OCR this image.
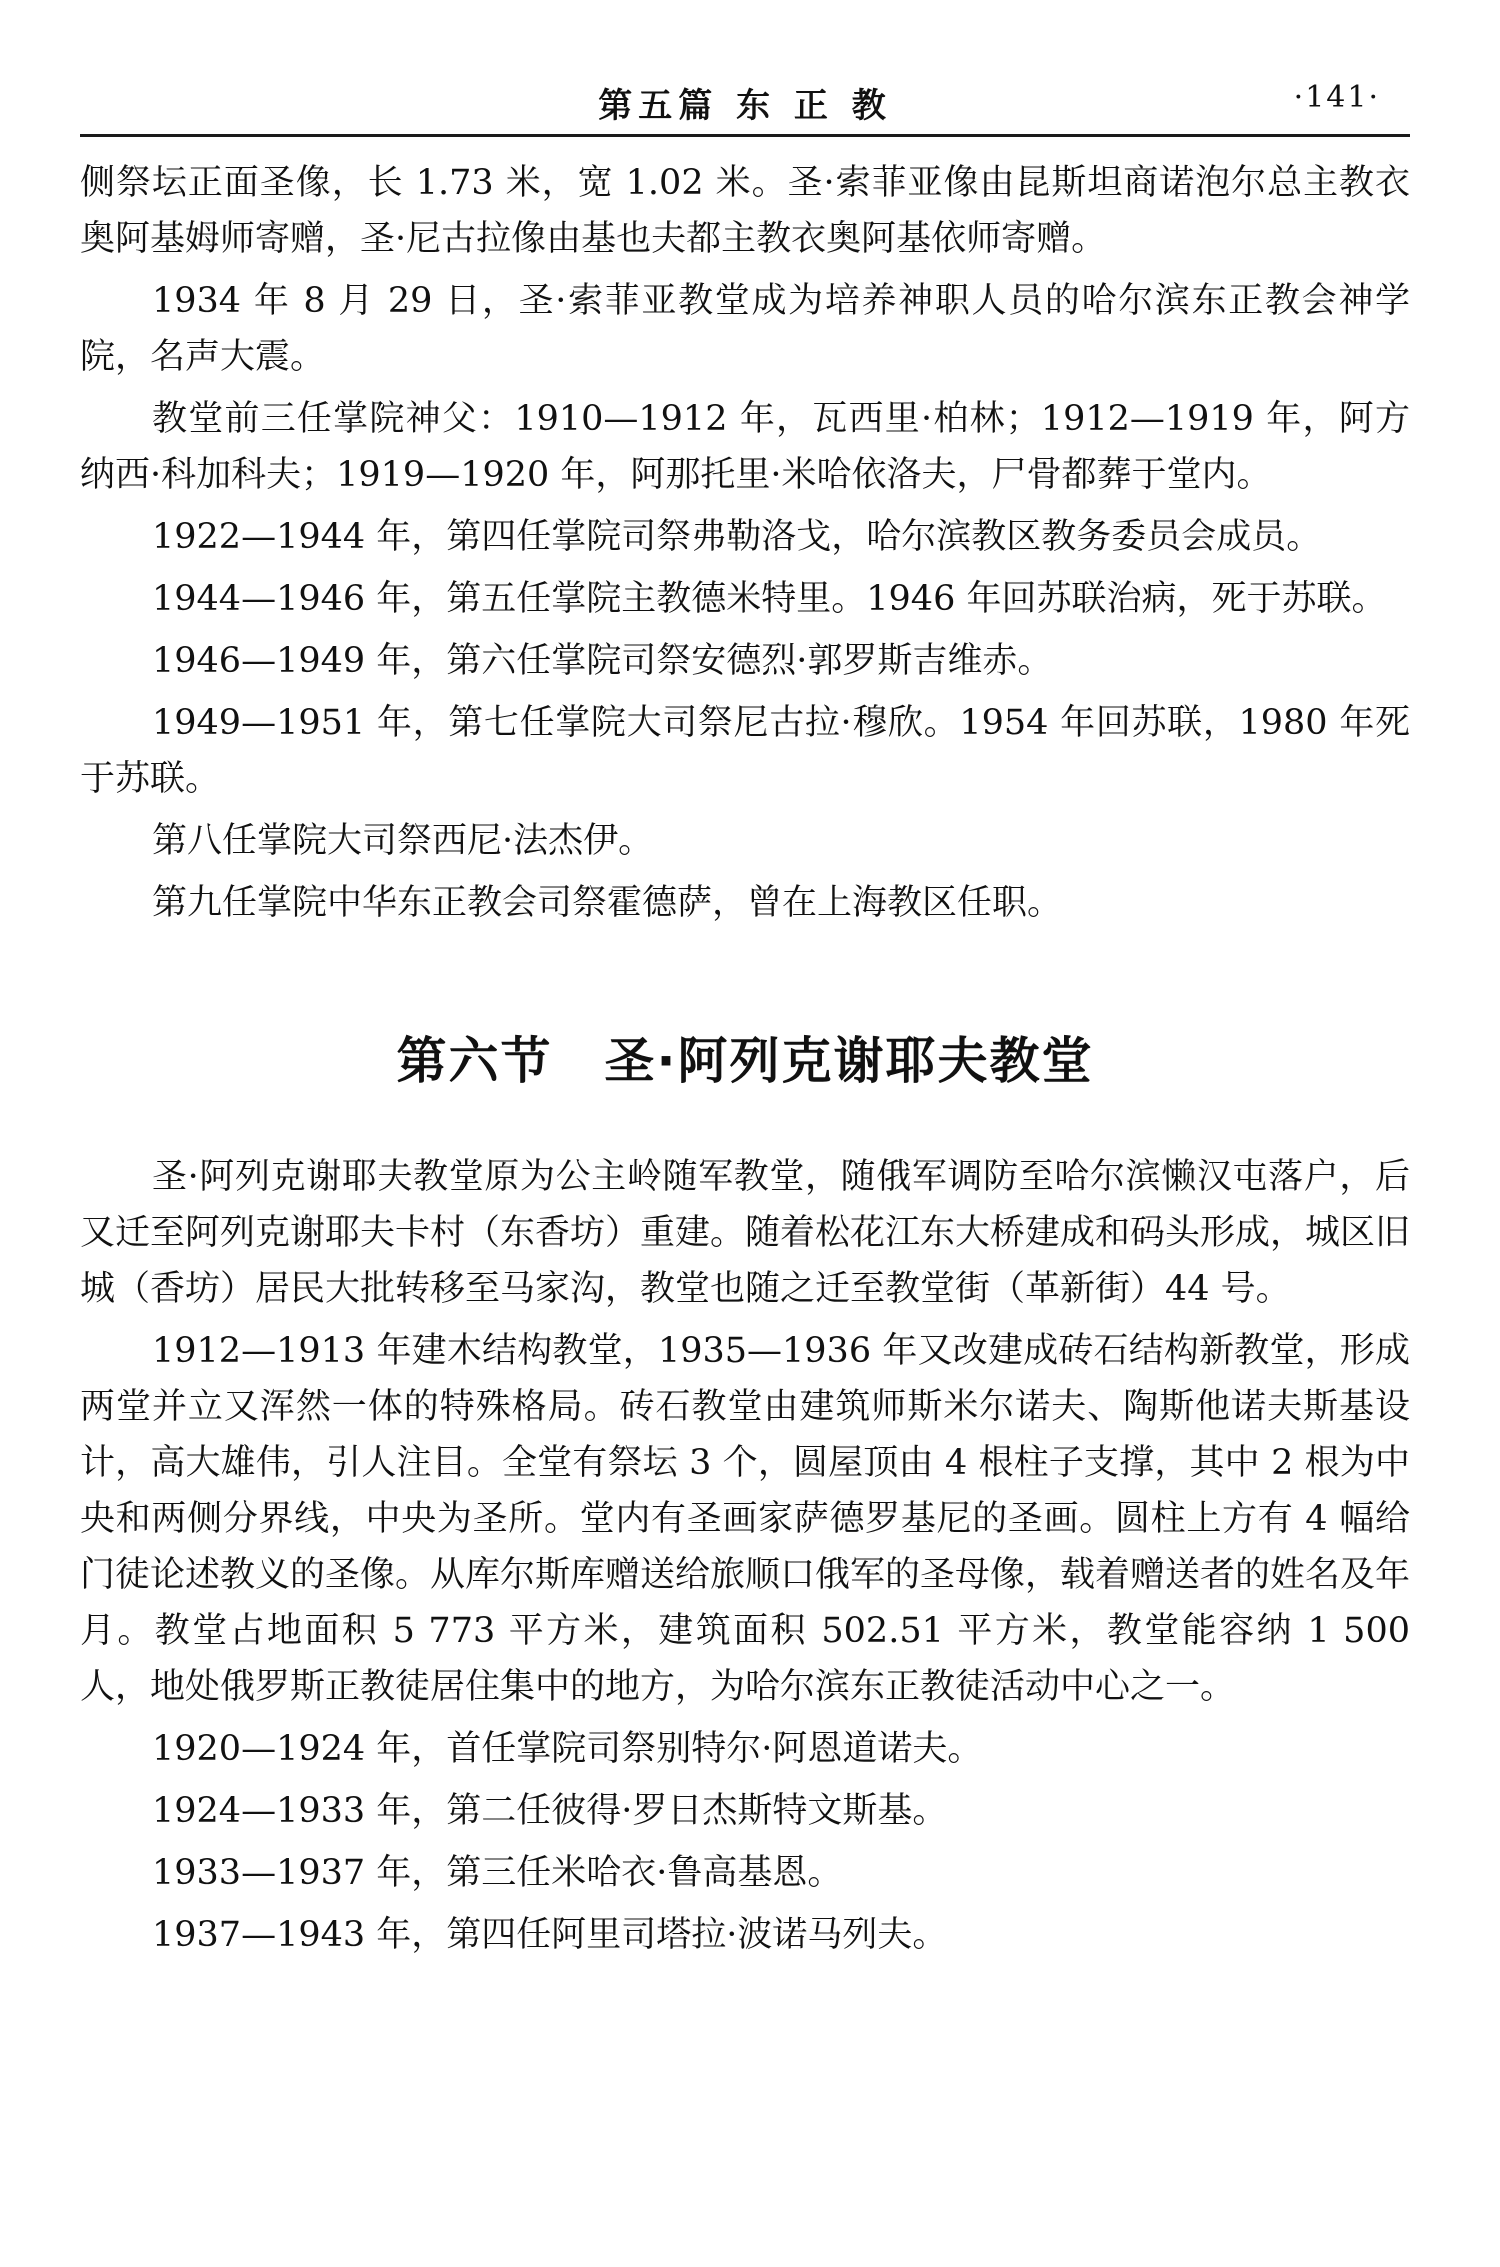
第五篇 东 正 教	·141·

侧祭坛正面圣像，长 1.73 米，宽 1.02 米。圣·索菲亚像由昆斯坦商诺泡尔总主教衣奥阿基姆师寄赠，圣·尼古拉像由基也夫都主教衣奥阿基依师寄赠。

1934 年 8 月 29 日，圣·索菲亚教堂成为培养神职人员的哈尔滨东正教会神学院，名声大震。

教堂前三任掌院神父：1910—1912 年，瓦西里·柏林；1912—1919 年，阿方纳西·科加科夫；1919—1920 年，阿那托里·米哈依洛夫，尸骨都葬于堂内。

1922—1944 年，第四任掌院司祭弗勒洛戈，哈尔滨教区教务委员会成员。

1944—1946 年，第五任掌院主教德米特里。1946 年回苏联治病，死于苏联。

1946—1949 年，第六任掌院司祭安德烈·郭罗斯吉维赤。

1949—1951 年，第七任掌院大司祭尼古拉·穆欣。1954 年回苏联，1980 年死于苏联。

第八任掌院大司祭西尼·法杰伊。

第九任掌院中华东正教会司祭霍德萨，曾在上海教区任职。

第六节　圣·阿列克谢耶夫教堂

圣·阿列克谢耶夫教堂原为公主岭随军教堂，随俄军调防至哈尔滨懒汉屯落户，后又迁至阿列克谢耶夫卡村（东香坊）重建。随着松花江东大桥建成和码头形成，城区旧城（香坊）居民大批转移至马家沟，教堂也随之迁至教堂街（革新街）44 号。

1912—1913 年建木结构教堂，1935—1936 年又改建成砖石结构新教堂，形成两堂并立又浑然一体的特殊格局。砖石教堂由建筑师斯米尔诺夫、陶斯他诺夫斯基设计，高大雄伟，引人注目。全堂有祭坛 3 个，圆屋顶由 4 根柱子支撑，其中 2 根为中央和两侧分界线，中央为圣所。堂内有圣画家萨德罗基尼的圣画。圆柱上方有 4 幅给门徒论述教义的圣像。从库尔斯库赠送给旅顺口俄军的圣母像，载着赠送者的姓名及年月。教堂占地面积 5 773 平方米，建筑面积 502.51 平方米，教堂能容纳 1 500 人，地处俄罗斯正教徒居住集中的地方，为哈尔滨东正教徒活动中心之一。

1920—1924 年，首任掌院司祭别特尔·阿恩道诺夫。

1924—1933 年，第二任彼得·罗日杰斯特文斯基。

1933—1937 年，第三任米哈衣·鲁高基恩。

1937—1943 年，第四任阿里司塔拉·波诺马列夫。
